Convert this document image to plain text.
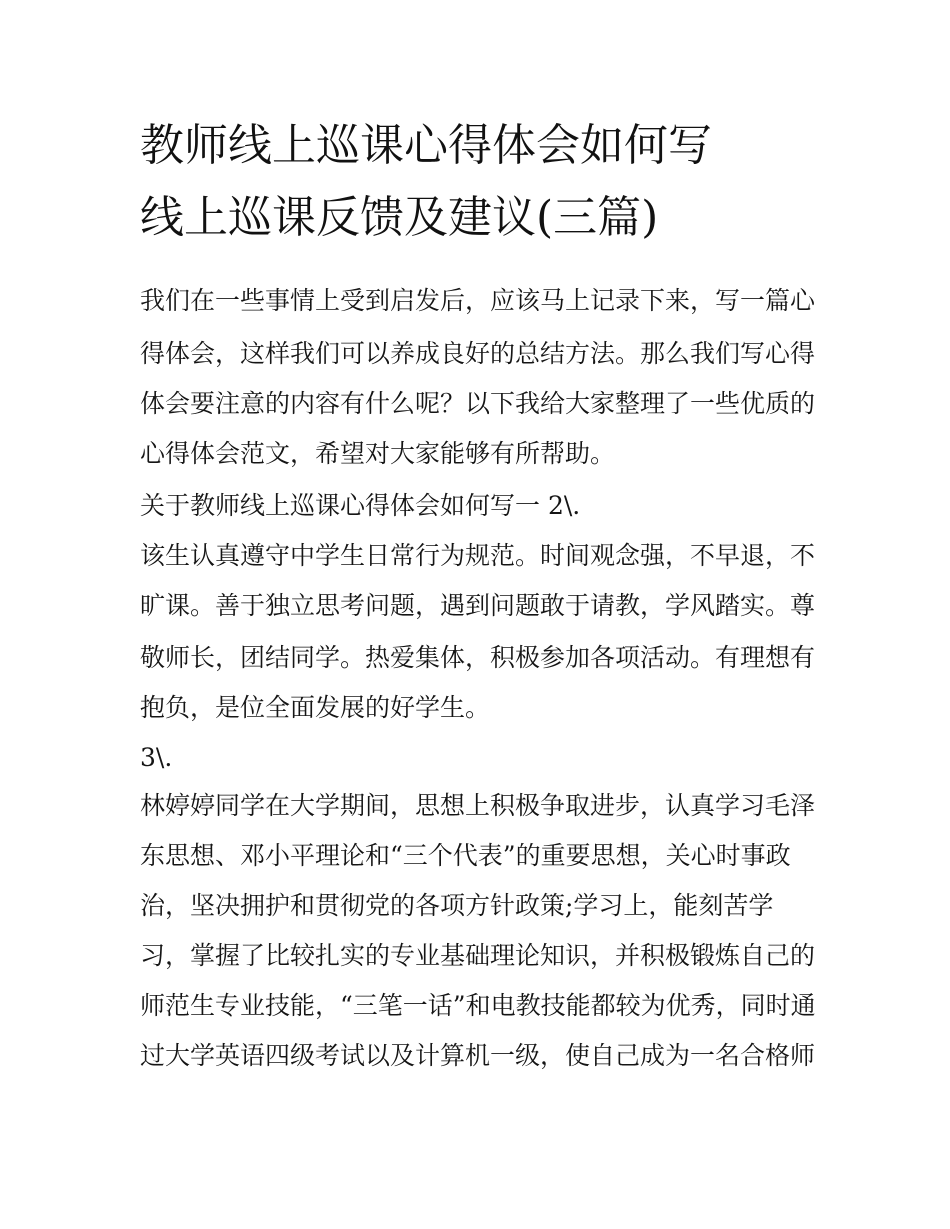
教师线上巡课心得体会如何写
线上巡课反馈及建议(三篇)
我们在一些事情上受到启发后，应该马上记录下来，写一篇心
得体会，这样我们可以养成良好的总结方法。那么我们写心得
体会要注意的内容有什么呢？以下我给大家整理了一些优质的
心得体会范文，希望对大家能够有所帮助。
关于教师线上巡课心得体会如何写一 2\.
该生认真遵守中学生日常行为规范。时间观念强，不早退，不
旷课。善于独立思考问题，遇到问题敢于请教，学风踏实。尊
敬师长，团结同学。热爱集体，积极参加各项活动。有理想有
抱负，是位全面发展的好学生。
3\.
林婷婷同学在大学期间，思想上积极争取进步，认真学习毛泽
东思想、邓小平理论和“三个代表”的重要思想，关心时事政
治，坚决拥护和贯彻党的各项方针政策;学习上，能刻苦学
习，掌握了比较扎实的专业基础理论知识，并积极锻炼自己的
师范生专业技能，“三笔一话”和电教技能都较为优秀，同时通
过大学英语四级考试以及计算机一级，使自己成为一名合格师
